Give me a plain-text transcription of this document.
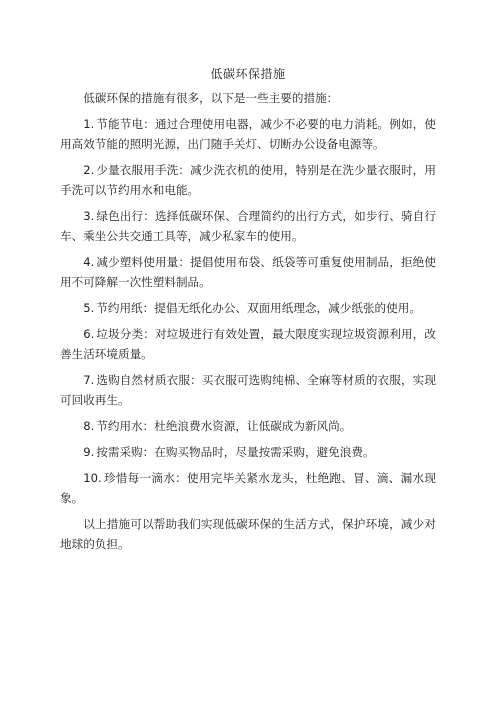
低碳环保措施

低碳环保的措施有很多，以下是一些主要的措施：

1. 节能节电：通过合理使用电器，减少不必要的电力消耗。例如，使用高效节能的照明光源，出门随手关灯、切断办公设备电源等。

2. 少量衣服用手洗：减少洗衣机的使用，特别是在洗少量衣服时，用手洗可以节约用水和电能。

3. 绿色出行：选择低碳环保、合理简约的出行方式，如步行、骑自行车、乘坐公共交通工具等，减少私家车的使用。

4. 减少塑料使用量：提倡使用布袋、纸袋等可重复使用制品，拒绝使用不可降解一次性塑料制品。

5. 节约用纸：提倡无纸化办公、双面用纸理念，减少纸张的使用。

6. 垃圾分类：对垃圾进行有效处置，最大限度实现垃圾资源利用，改善生活环境质量。

7. 选购自然材质衣服：买衣服可选购纯棉、全麻等材质的衣服，实现可回收再生。

8. 节约用水：杜绝浪费水资源，让低碳成为新风尚。

9. 按需采购：在购买物品时，尽量按需采购，避免浪费。

10. 珍惜每一滴水：使用完毕关紧水龙头，杜绝跑、冒、滴、漏水现象。

以上措施可以帮助我们实现低碳环保的生活方式，保护环境，减少对地球的负担。
